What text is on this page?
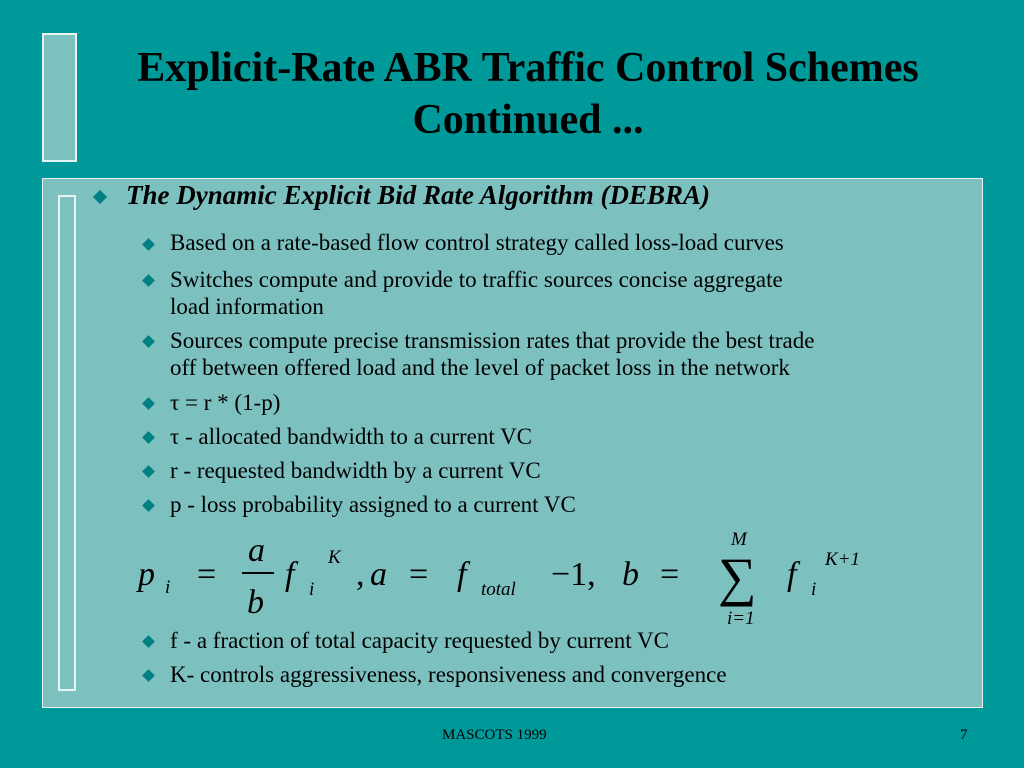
Explicit-Rate ABR Traffic Control Schemes
Continued ...
The Dynamic Explicit Bid Rate Algorithm (DEBRA)
Based on a rate-based flow control strategy called loss-load curves
Switches compute and provide to traffic sources concise aggregate
load information
Sources compute precise transmission rates that provide the best trade
off between offered load and the level of packet loss in the network
τ = r * (1-p)
τ - allocated bandwidth to a current VC
r - requested bandwidth by a current VC
p - loss probability assigned to a current VC
p i =
a
b
f i
K , a = f total −1, b =
M
∑
i=1
f i
K+1
f - a fraction of total capacity requested by current VC
K- controls aggressiveness, responsiveness and convergence
MASCOTS 1999	7
